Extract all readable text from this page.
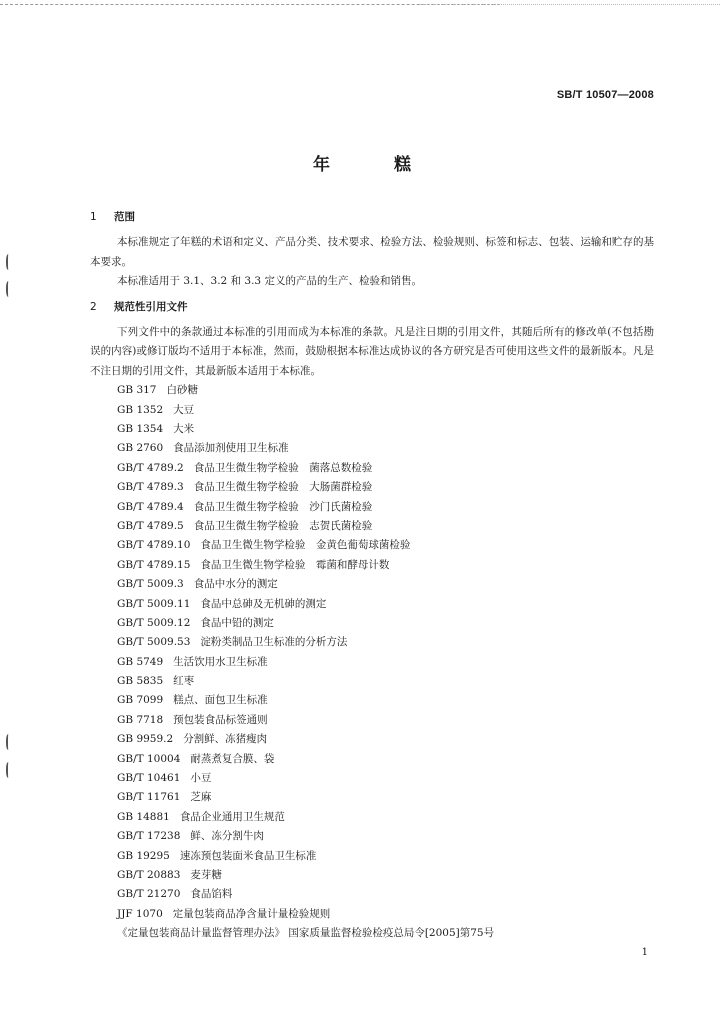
SB/T 10507—2008
年 糕
1 范围

本标准规定了年糕的术语和定义、产品分类、技术要求、检验方法、检验规则、标签和标志、包装、运输和贮存的基本要求。

本标准适用于 3.1、3.2 和 3.3 定义的产品的生产、检验和销售。

2 规范性引用文件

下列文件中的条款通过本标准的引用而成为本标准的条款。凡是注日期的引用文件，其随后所有的修改单(不包括勘误的内容)或修订版均不适用于本标准，然而，鼓励根据本标准达成协议的各方研究是否可使用这些文件的最新版本。凡是不注日期的引用文件，其最新版本适用于本标准。

GB 317 白砂糖
GB 1352 大豆
GB 1354 大米
GB 2760 食品添加剂使用卫生标准
GB/T 4789.2 食品卫生微生物学检验　菌落总数检验
GB/T 4789.3 食品卫生微生物学检验　大肠菌群检验
GB/T 4789.4 食品卫生微生物学检验　沙门氏菌检验
GB/T 4789.5 食品卫生微生物学检验　志贺氏菌检验
GB/T 4789.10 食品卫生微生物学检验　金黄色葡萄球菌检验
GB/T 4789.15 食品卫生微生物学检验　霉菌和酵母计数
GB/T 5009.3 食品中水分的测定
GB/T 5009.11 食品中总砷及无机砷的测定
GB/T 5009.12 食品中铅的测定
GB/T 5009.53 淀粉类制品卫生标准的分析方法
GB 5749 生活饮用水卫生标准
GB 5835 红枣
GB 7099 糕点、面包卫生标准
GB 7718 预包装食品标签通则
GB 9959.2 分割鲜、冻猪瘦肉
GB/T 10004 耐蒸煮复合膜、袋
GB/T 10461 小豆
GB/T 11761 芝麻
GB 14881 食品企业通用卫生规范
GB/T 17238 鲜、冻分割牛肉
GB 19295 速冻预包装面米食品卫生标准
GB/T 20883 麦芽糖
GB/T 21270 食品馅料
JJF 1070 定量包装商品净含量计量检验规则
《定量包装商品计量监督管理办法》 国家质量监督检验检疫总局令[2005]第75号
1
